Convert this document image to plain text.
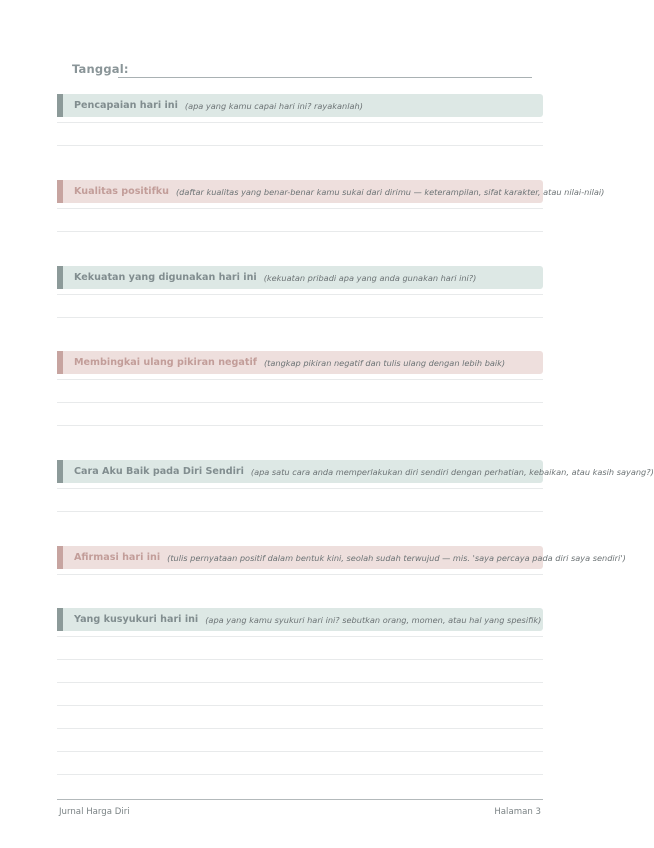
Tanggal:
Pencapaian hari ini (apa yang kamu capai hari ini? rayakanlah)
Kualitas positifku (daftar kualitas yang benar-benar kamu sukai dari dirimu — keterampilan, sifat karakter, atau nilai-nilai)
Kekuatan yang digunakan hari ini (kekuatan pribadi apa yang anda gunakan hari ini?)
Membingkai ulang pikiran negatif (tangkap pikiran negatif dan tulis ulang dengan lebih baik)
Cara Aku Baik pada Diri Sendiri (apa satu cara anda memperlakukan diri sendiri dengan perhatian, kebaikan, atau kasih sayang?)
Afirmasi hari ini (tulis pernyataan positif dalam bentuk kini, seolah sudah terwujud — mis. 'saya percaya pada diri saya sendiri')
Yang kusyukuri hari ini (apa yang kamu syukuri hari ini? sebutkan orang, momen, atau hal yang spesifik)
Jurnal Harga Diri	Halaman 3
